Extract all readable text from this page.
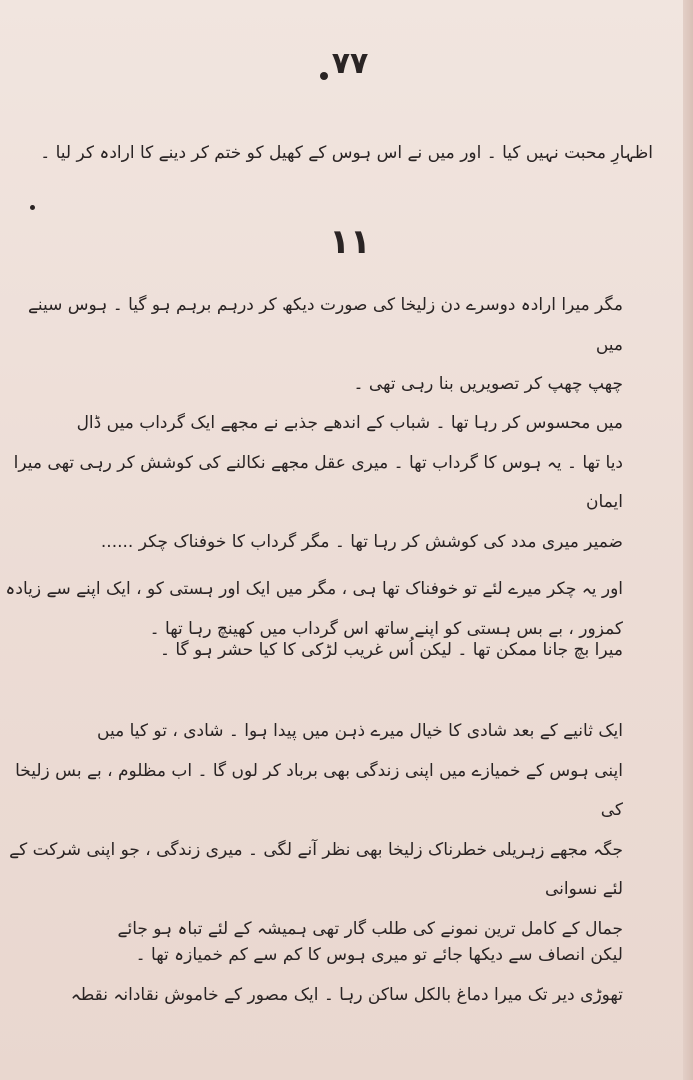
٧٧
اظہارِ محبت نہیں کیا ۔ اور میں نے اس ہوس کے کھیل کو ختم کر دینے کا ارادہ کر لیا ۔
١١
مگر میرا ارادہ دوسرے دن زلیخا کی صورت دیکھ کر درہم برہم ہو گیا ۔ ہوس سینے میں
چھپ چھپ کر تصویریں بنا رہی تھی ۔
میں محسوس کر رہا تھا ۔ شباب کے اندھے جذبے نے مجھے ایک گرداب میں ڈال
دیا تھا ۔ یہ ہوس کا گرداب تھا ۔ میری عقل مجھے نکالنے کی کوشش کر رہی تھی میرا ایمان
ضمیر میری مدد کی کوشش کر رہا تھا ۔ مگر گرداب کا خوفناک چکر ......
اور یہ چکر میرے لئے تو خوفناک تھا ہی ، مگر میں ایک اور ہستی کو ، ایک اپنے سے زیادہ
کمزور ، بے بس ہستی کو اپنے ساتھ اس گرداب میں کھینچ رہا تھا ۔
میرا بچ جانا ممکن تھا ۔ لیکن اُس غریب لڑکی کا کیا حشر ہو گا ۔
ایک ثانیے کے بعد شادی کا خیال میرے ذہن میں پیدا ہوا ۔ شادی ، تو کیا میں
اپنی ہوس کے خمیازے میں اپنی زندگی بھی برباد کر لوں گا ۔ اب مظلوم ، بے بس زلیخا کی
جگہ مجھے زہریلی خطرناک زلیخا بھی نظر آنے لگی ۔ میری زندگی ، جو اپنی شرکت کے لئے نسوانی
جمال کے کامل ترین نمونے کی طلب گار تھی ہمیشہ کے لئے تباہ ہو جائے
لیکن انصاف سے دیکھا جائے تو میری ہوس کا کم سے کم خمیازہ تھا ۔
تھوڑی دیر تک میرا دماغ بالکل ساکن رہا ۔ ایک مصور کے خاموش نقادانہ نقطہ
